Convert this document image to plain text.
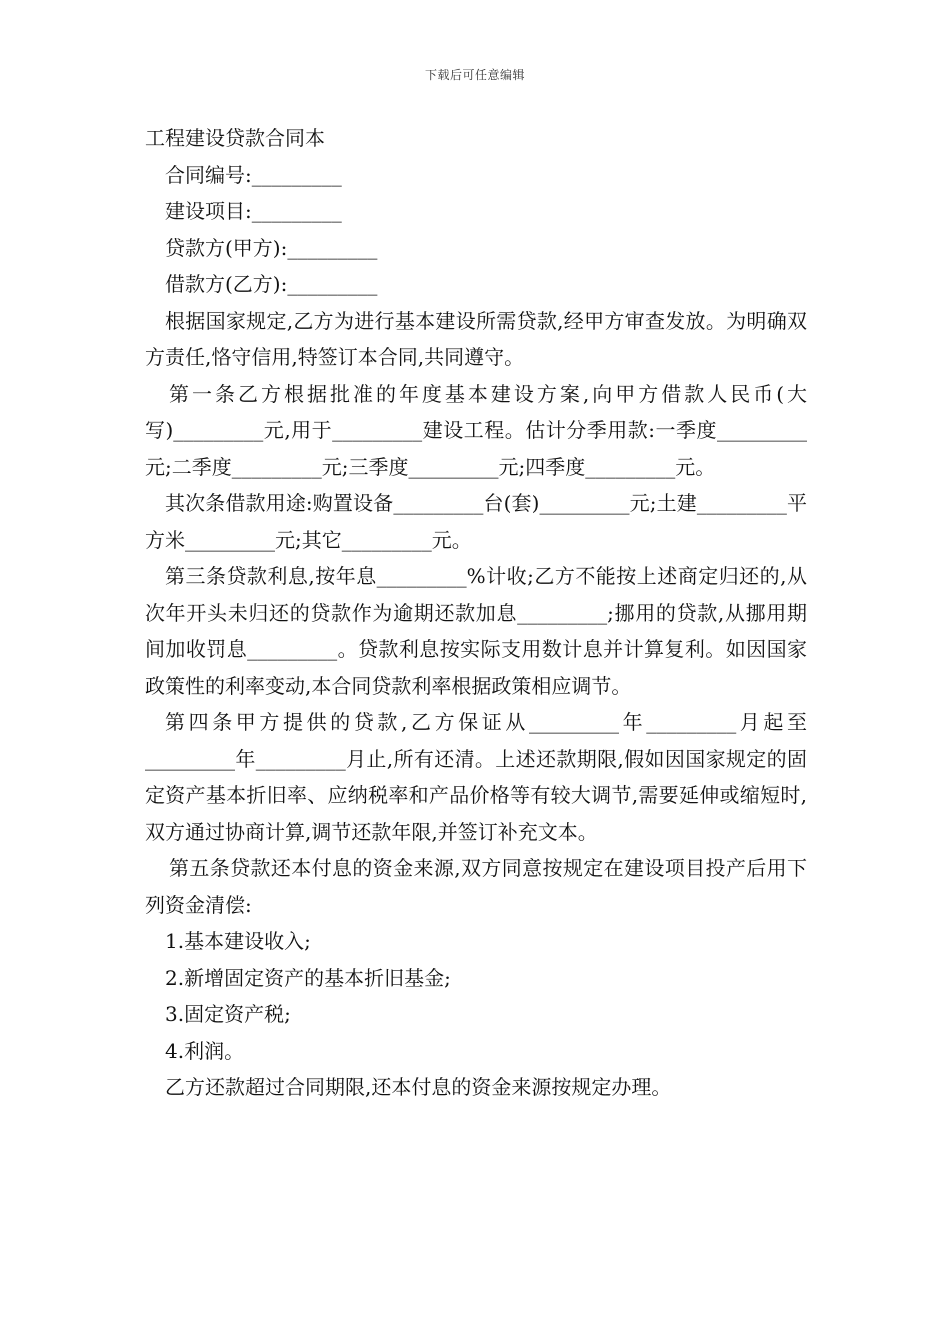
下载后可任意编辑
工程建设贷款合同本

合同编号:_________

建设项目:_________

贷款方(甲方):_________

借款方(乙方):_________

根据国家规定,乙方为进行基本建设所需贷款,经甲方审查发放。为明确双方责任,恪守信用,特签订本合同,共同遵守。

第一条乙方根据批准的年度基本建设方案,向甲方借款人民币(大写)_________元,用于_________建设工程。估计分季用款:一季度_________元;二季度_________元;三季度_________元;四季度_________元。

其次条借款用途:购置设备_________台(套)_________元;土建_________平方米_________元;其它_________元。

第三条贷款利息,按年息_________%计收;乙方不能按上述商定归还的,从次年开头未归还的贷款作为逾期还款加息_________;挪用的贷款,从挪用期间加收罚息_________。贷款利息按实际支用数计息并计算复利。如因国家政策性的利率变动,本合同贷款利率根据政策相应调节。

第四条甲方提供的贷款,乙方保证从_________年_________月起至_________年_________月止,所有还清。上述还款期限,假如因国家规定的固定资产基本折旧率、应纳税率和产品价格等有较大调节,需要延伸或缩短时,双方通过协商计算,调节还款年限,并签订补充文本。

第五条贷款还本付息的资金来源,双方同意按规定在建设项目投产后用下列资金清偿:

1.基本建设收入;

2.新增固定资产的基本折旧基金;

3.固定资产税;

4.利润。

乙方还款超过合同期限,还本付息的资金来源按规定办理。
